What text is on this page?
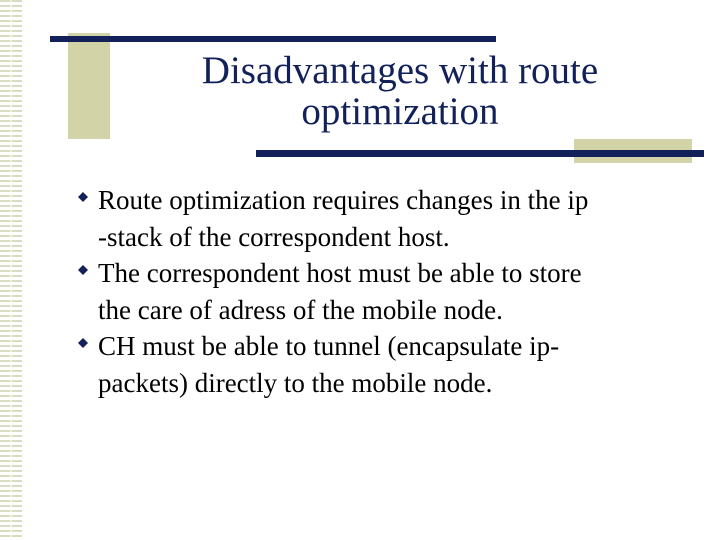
Disadvantages with route
optimization
Route optimization requires changes in the ip
-stack of the correspondent host.
The correspondent host must be able to store
the care of adress of the mobile node.
CH must be able to tunnel (encapsulate ip-
packets) directly to the mobile node.
